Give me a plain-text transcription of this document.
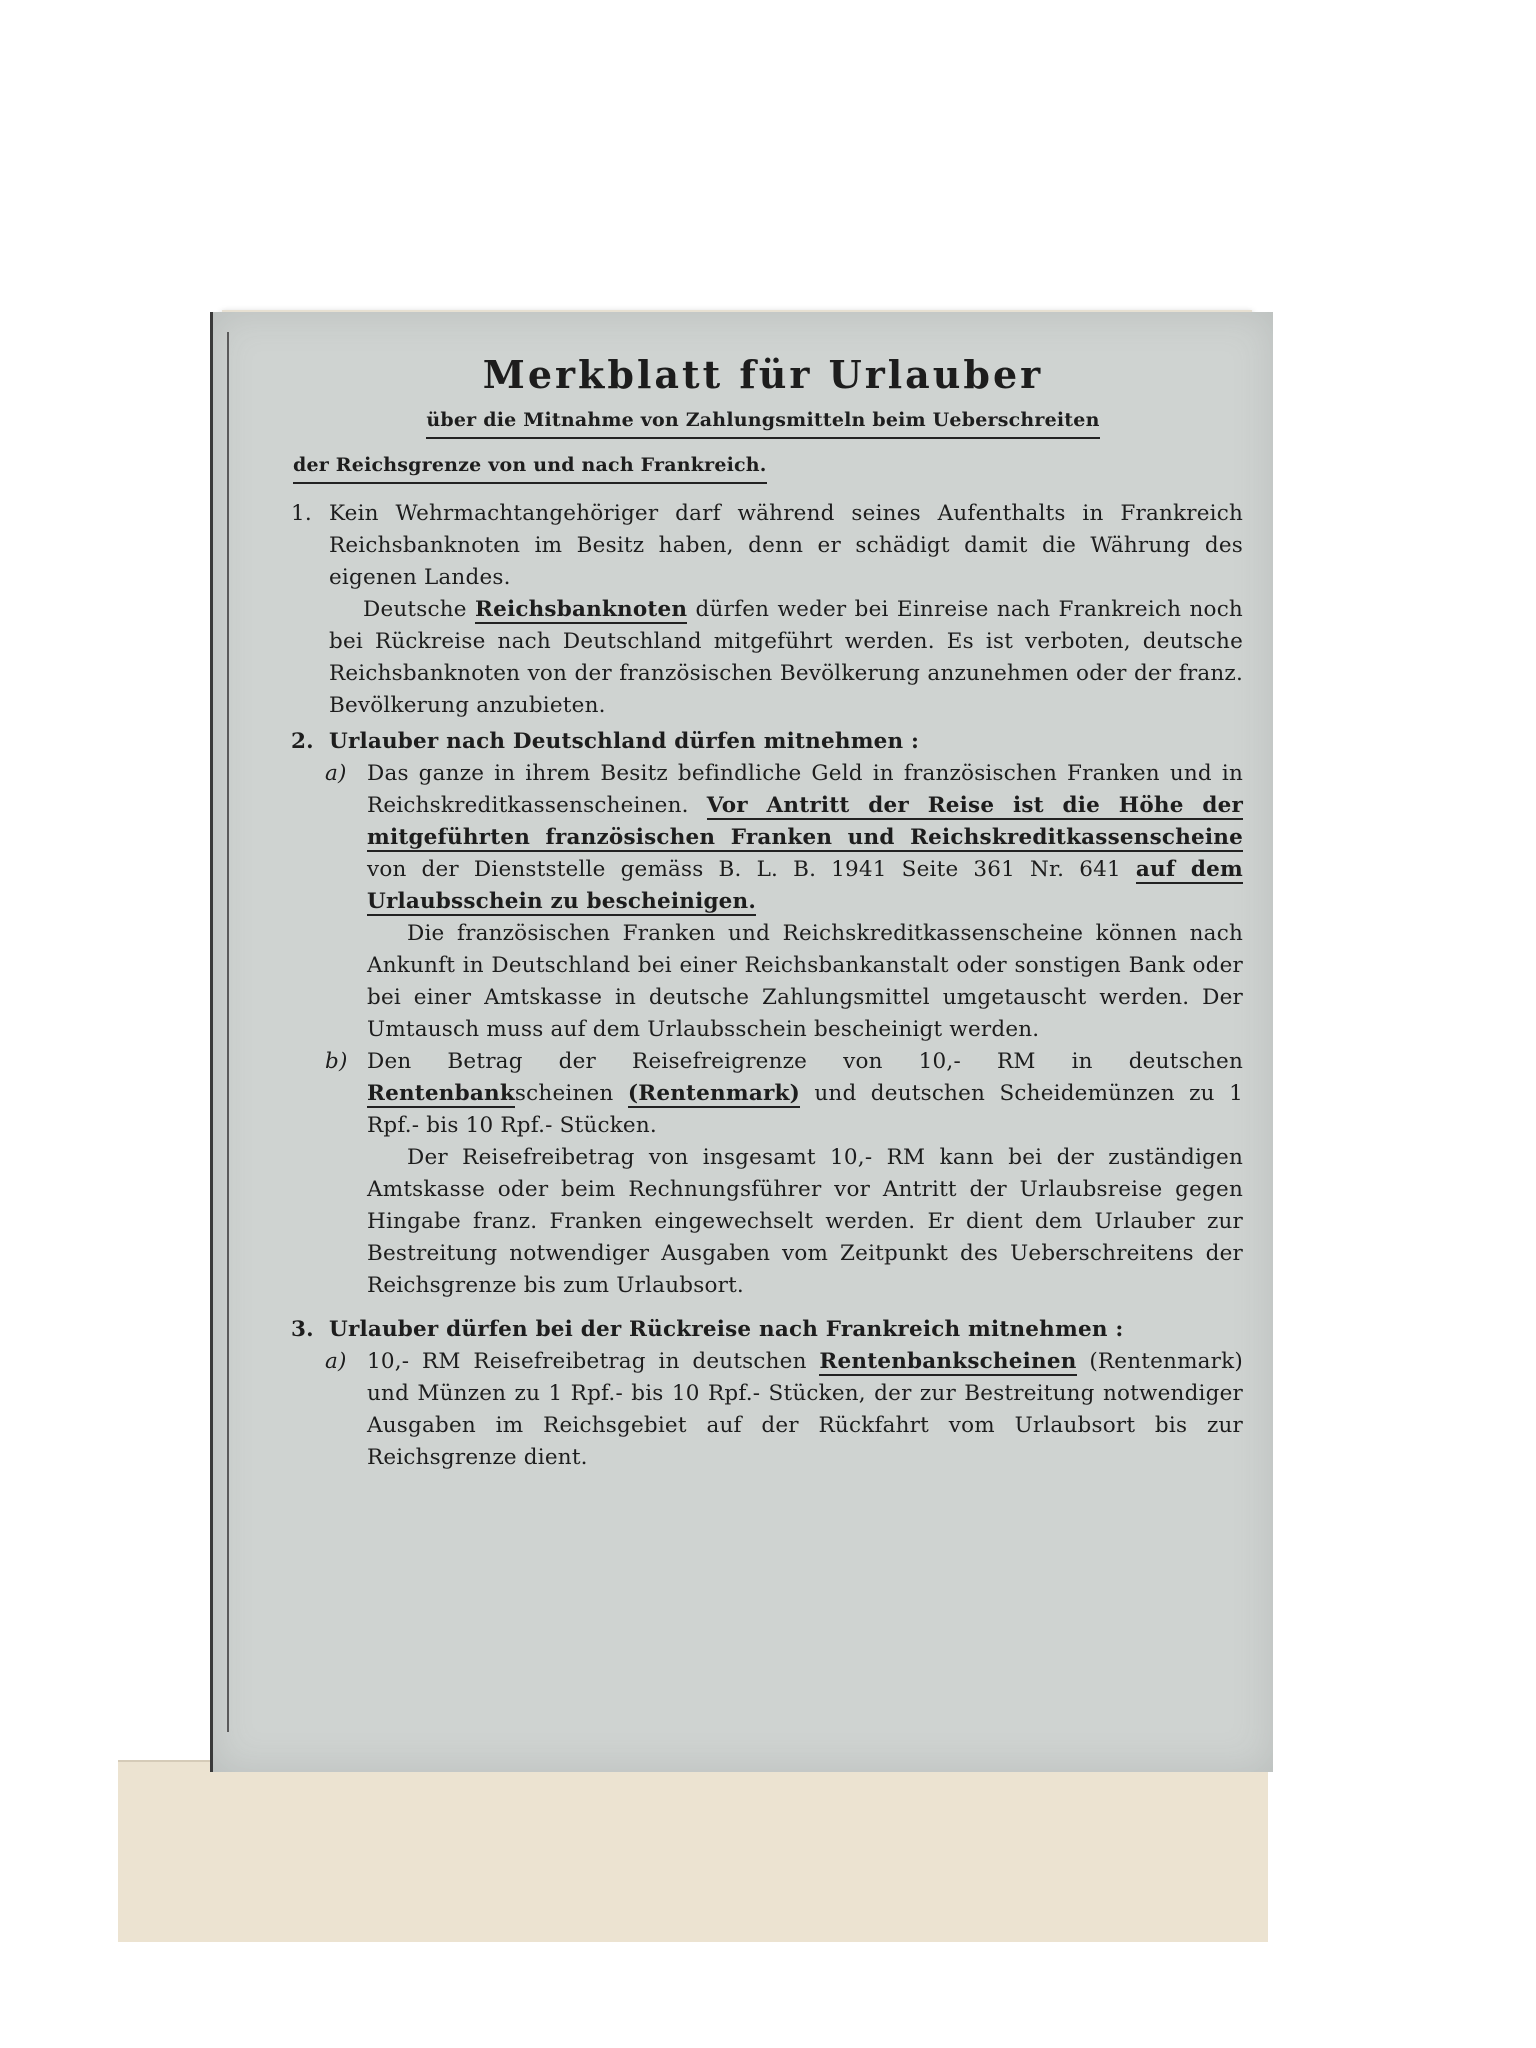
Merkblatt für Urlauber
über die Mitnahme von Zahlungsmitteln beim Ueberschreiten
der Reichsgrenze von und nach Frankreich.
1. Kein Wehrmachtangehöriger darf während seines Aufenthalts in Frankreich Reichsbanknoten im Besitz haben, denn er schädigt damit die Währung des eigenen Landes.

Deutsche Reichsbanknoten dürfen weder bei Einreise nach Frankreich noch bei Rückreise nach Deutschland mitgeführt werden. Es ist verboten, deutsche Reichsbanknoten von der französischen Bevölkerung anzunehmen oder der franz. Bevölkerung anzubieten.

2. Urlauber nach Deutschland dürfen mitnehmen :

a) Das ganze in ihrem Besitz befindliche Geld in französischen Franken und in Reichskreditkassenscheinen. Vor Antritt der Reise ist die Höhe der mitgeführten französischen Franken und Reichskreditkassenscheine von der Dienststelle gemäss B. L. B. 1941 Seite 361 Nr. 641 auf dem Urlaubsschein zu bescheinigen.

Die französischen Franken und Reichskreditkassenscheine können nach Ankunft in Deutschland bei einer Reichsbankanstalt oder sonstigen Bank oder bei einer Amtskasse in deutsche Zahlungsmittel umgetauscht werden. Der Umtausch muss auf dem Urlaubsschein bescheinigt werden.

b) Den Betrag der Reisefreigrenze von 10,- RM in deutschen Rentenbankscheinen (Rentenmark) und deutschen Scheidemünzen zu 1 Rpf.- bis 10 Rpf.- Stücken.

Der Reisefreibetrag von insgesamt 10,- RM kann bei der zuständigen Amtskasse oder beim Rechnungsführer vor Antritt der Urlaubsreise gegen Hingabe franz. Franken eingewechselt werden. Er dient dem Urlauber zur Bestreitung notwendiger Ausgaben vom Zeitpunkt des Ueberschreitens der Reichsgrenze bis zum Urlaubsort.

3. Urlauber dürfen bei der Rückreise nach Frankreich mitnehmen :

a) 10,- RM Reisefreibetrag in deutschen Rentenbankscheinen (Rentenmark) und Münzen zu 1 Rpf.- bis 10 Rpf.- Stücken, der zur Bestreitung notwendiger Ausgaben im Reichsgebiet auf der Rückfahrt vom Urlaubsort bis zur Reichsgrenze dient.
